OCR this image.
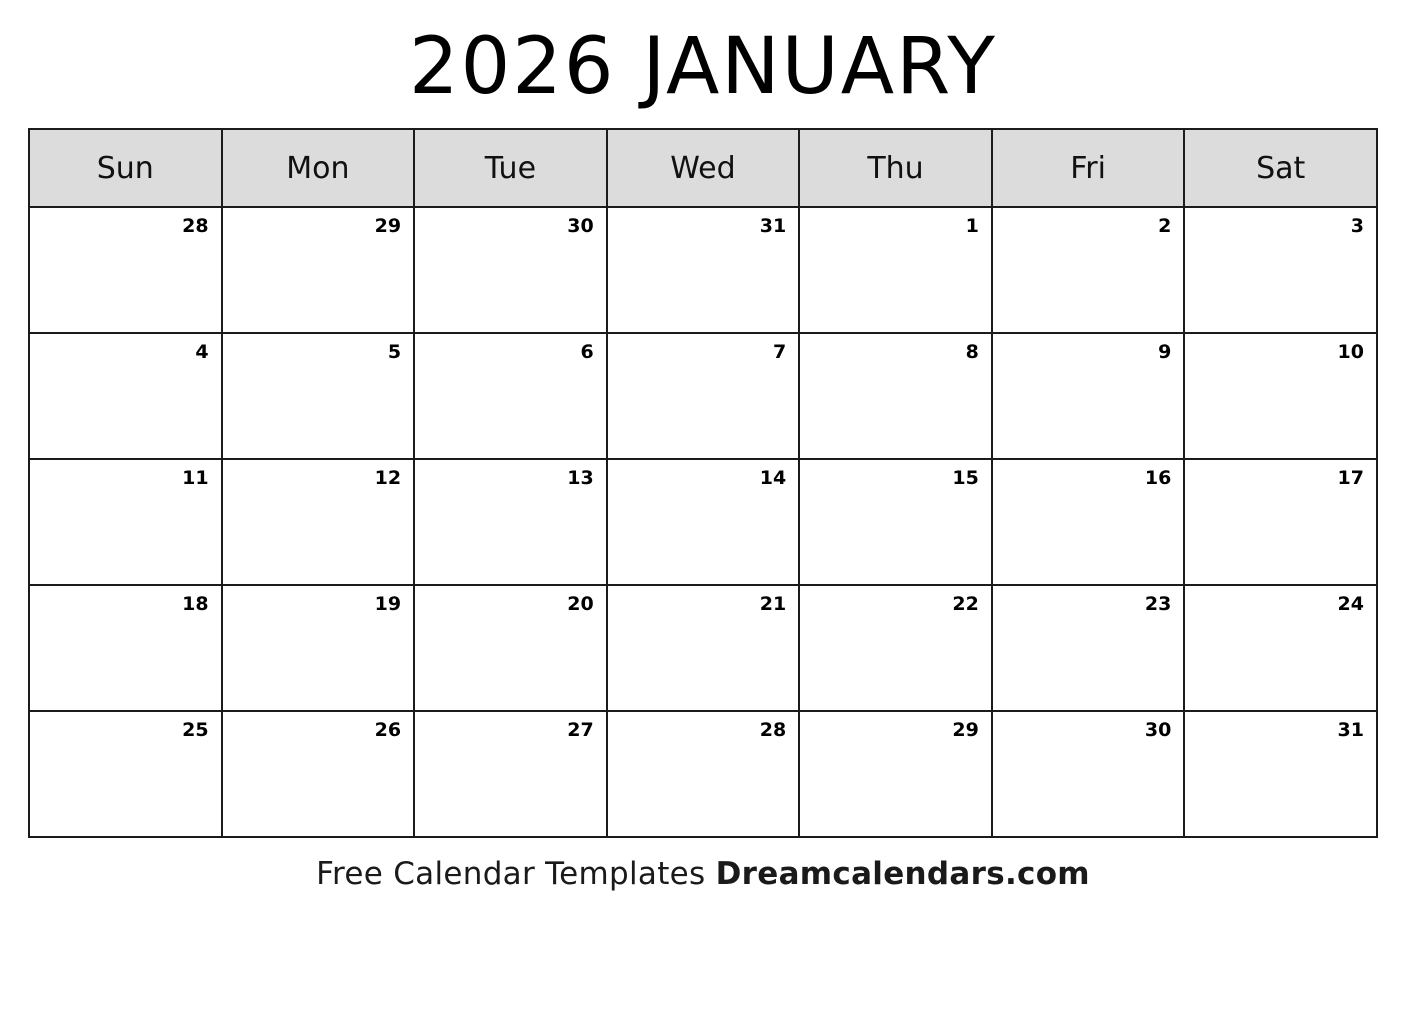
2026 JANUARY
Sun	Mon	Tue	Wed	Thu	Fri	Sat

28	29	30	31	1	2	3

4	5	6	7	8	9	10

11	12	13	14	15	16	17

18	19	20	21	22	23	24

25	26	27	28	29	30	31
Free Calendar Templates Dreamcalendars.com
